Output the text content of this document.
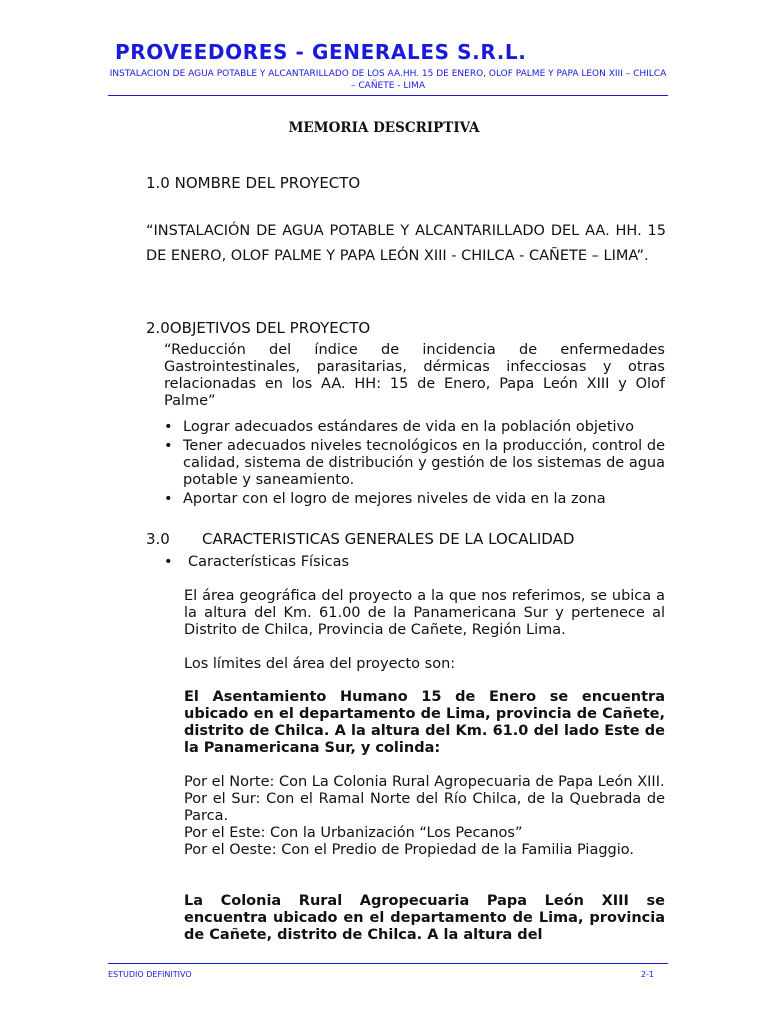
PROVEEDORES - GENERALES S.R.L.
INSTALACION DE AGUA POTABLE Y ALCANTARILLADO DE LOS AA.HH. 15 DE ENERO, OLOF PALME Y PAPA LEON XIII – CHILCA – CAÑETE - LIMA
MEMORIA DESCRIPTIVA
1.0 NOMBRE DEL PROYECTO
“INSTALACIÓN DE AGUA POTABLE Y ALCANTARILLADO DEL AA. HH. 15 DE ENERO, OLOF PALME Y PAPA LEÓN XIII - CHILCA - CAÑETE – LIMA”.
2.0OBJETIVOS DEL PROYECTO
“Reducción del índice de incidencia de enfermedades Gastrointestinales, parasitarias, dérmicas infecciosas y otras relacionadas en los AA. HH: 15 de Enero, Papa León XIII y Olof Palme”
• Lograr adecuados estándares de vida en la población objetivo
• Tener adecuados niveles tecnológicos en la producción, control de calidad, sistema de distribución y gestión de los sistemas de agua potable y saneamiento.
• Aportar con el logro de mejores niveles de vida en la zona
3.0 CARACTERISTICAS GENERALES DE LA LOCALIDAD
• Características Físicas
El área geográfica del proyecto a la que nos referimos, se ubica a la altura del Km. 61.00 de la Panamericana Sur y pertenece al Distrito de Chilca, Provincia de Cañete, Región Lima.
Los límites del área del proyecto son:
El Asentamiento Humano 15 de Enero se encuentra ubicado en el departamento de Lima, provincia de Cañete, distrito de Chilca. A la altura del Km. 61.0 del lado Este de la Panamericana Sur, y colinda:
Por el Norte: Con La Colonia Rural Agropecuaria de Papa León XIII.
Por el Sur: Con el Ramal Norte del Río Chilca, de la Quebrada de Parca.
Por el Este: Con la Urbanización “Los Pecanos”
Por el Oeste: Con el Predio de Propiedad de la Familia Piaggio.
La Colonia Rural Agropecuaria Papa León XIII se encuentra ubicado en el departamento de Lima, provincia de Cañete, distrito de Chilca. A la altura del
ESTUDIO DEFINITIVO	2-1
